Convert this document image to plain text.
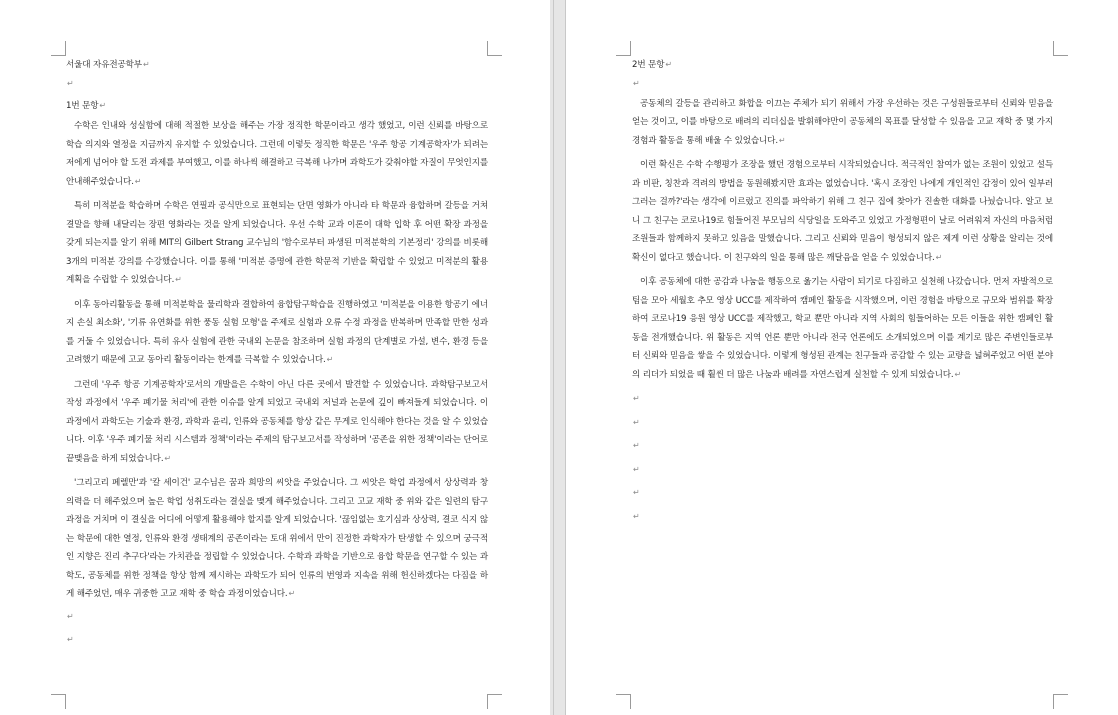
서울대 자유전공학부↵

↵

1번 문항↵

수학은 인내와 성실함에 대해 적절한 보상을 해주는 가장 정직한 학문이라고 생각 했었고, 이런 신뢰를 바탕으로 학습 의지와 열정을 지금까지 유지할 수 있었습니다. 그런데 이렇듯 정직한 학문은 '우주 항공 기계공학자'가 되려는 저에게 넘어야 할 도전 과제를 부여했고, 이를 하나씩 해결하고 극복해 나가며 과학도가 갖춰야할 자질이 무엇인지를 안내해주었습니다.↵

특히 미적분을 학습하며 수학은 연필과 공식만으로 표현되는 단면 영화가 아니라 타 학문과 융합하며 갈등을 거쳐 결말을 향해 내달리는 장편 영화라는 것을 알게 되었습니다. 우선 수학 교과 이론이 대학 입학 후 어떤 확장 과정을 갖게 되는지를 알기 위해 MIT의 Gilbert Strang 교수님의 '함수로부터 파생된 미적분학의 기본정리' 강의를 비롯해 3개의 미적분 강의를 수강했습니다. 이를 통해 '미적분 증명에 관한 학문적 기반을 확립할 수 있었고 미적분의 활용 계획을 수립할 수 있었습니다.↵

이후 동아리활동을 통해 미적분학을 물리학과 결합하여 융합탐구학습을 진행하였고 '미적분을 이용한 항공기 에너지 손실 최소화', '기류 유연화를 위한 풍동 실험 모형'을 주제로 실험과 오류 수정 과정을 반복하며 만족할 만한 성과를 거둘 수 있었습니다. 특히 유사 실험에 관한 국내외 논문을 참조하며 실험 과정의 단계별로 가설, 변수, 환경 등을 고려했기 때문에 고교 동아리 활동이라는 한계를 극복할 수 있었습니다.↵

그런데 '우주 항공 기계공학자'로서의 개발을은 수학이 아닌 다른 곳에서 발견할 수 있었습니다. 과학탐구보고서 작성 과정에서 '우주 폐기물 처리'에 관한 이슈를 알게 되었고 국내외 저널과 논문에 깊이 빠져들게 되었습니다. 이 과정에서 과학도는 기술과 환경, 과학과 윤리, 인류와 공동체를 항상 같은 무게로 인식해야 한다는 것을 알 수 있었습니다. 이후 '우주 폐기물 처리 시스템과 정책'이라는 주제의 탐구보고서를 작성하며 '공존을 위한 정책'이라는 단어로 끝맺음을 하게 되었습니다.↵

'그리고리 페렐만'과 '칼 세이건' 교수님은 꿈과 희망의 씨앗을 주었습니다. 그 씨앗은 학업 과정에서 상상력과 창의력을 더 해주었으며 높은 학업 성취도라는 결실을 맺게 해주었습니다. 그리고 고교 재학 중 위와 같은 일련의 탐구 과정을 거치며 이 결실을 어디에 어떻게 활용해야 할지를 알게 되었습니다. '끊임없는 호기심과 상상력, 결코 식지 않는 학문에 대한 열정, 인류와 환경 생태계의 공존이라는 토대 위에서 만이 진정한 과학자가 탄생할 수 있으며 궁극적인 지향은 진리 추구다'라는 가치관을 정립할 수 있었습니다. 수학과 과학을 기반으로 융합 학문을 연구할 수 있는 과학도, 공동체를 위한 정책을 항상 함께 제시하는 과학도가 되어 인류의 번영과 지속을 위해 헌신하겠다는 다짐을 하게 해주었던, 매우 귀중한 고교 재학 중 학습 과정이었습니다.↵

↵

↵

2번 문항↵

↵

공동체의 갈등을 관리하고 화합을 이끄는 주체가 되기 위해서 가장 우선하는 것은 구성원들로부터 신뢰와 믿음을 얻는 것이고, 이를 바탕으로 배려의 리더십을 발휘해야만이 공동체의 목표를 달성할 수 있음을 고교 재학 중 몇 가지 경험과 활동을 통해 배울 수 있었습니다.↵

이런 확신은 수학 수행평가 조장을 했던 경험으로부터 시작되었습니다. 적극적인 참여가 없는 조원이 있었고 설득과 비판, 칭찬과 격려의 방법을 동원해봤지만 효과는 없었습니다. '혹시 조장인 나에게 개인적인 감정이 있어 일부러 그러는 걸까?'라는 생각에 이르렀고 진의를 파악하기 위해 그 친구 집에 찾아가 진솔한 대화를 나눴습니다. 알고 보니 그 친구는 코로나19로 힘들어진 부모님의 식당일을 도와주고 있었고 가정형편이 날로 어려워져 자신의 마음처럼 조원들과 함께하지 못하고 있음을 말했습니다. 그리고 신뢰와 믿음이 형성되지 않은 제게 이런 상황을 알리는 것에 확신이 없다고 했습니다. 이 친구와의 일을 통해 많은 깨달음을 얻을 수 있었습니다.↵

이후 공동체에 대한 공감과 나눔을 행동으로 옮기는 사람이 되기로 다짐하고 실천해 나갔습니다. 먼저 자발적으로 팀을 모아 세월호 추모 영상 UCC를 제작하여 캠페인 활동을 시작했으며, 이런 경험을 바탕으로 규모와 범위를 확장하여 코로나19 응원 영상 UCC를 제작했고, 학교 뿐만 아니라 지역 사회의 힘들어하는 모든 이들을 위한 캠페인 활동을 전개했습니다. 위 활동은 지역 언론 뿐만 아니라 전국 언론에도 소개되었으며 이를 계기로 많은 주변인들로부터 신뢰와 믿음을 쌓을 수 있었습니다. 이렇게 형성된 관계는 친구들과 공감할 수 있는 교량을 넓혀주었고 어떤 분야의 리더가 되었을 때 훨씬 더 많은 나눔과 배려를 자연스럽게 실천할 수 있게 되었습니다.↵

↵

↵

↵

↵

↵

↵
